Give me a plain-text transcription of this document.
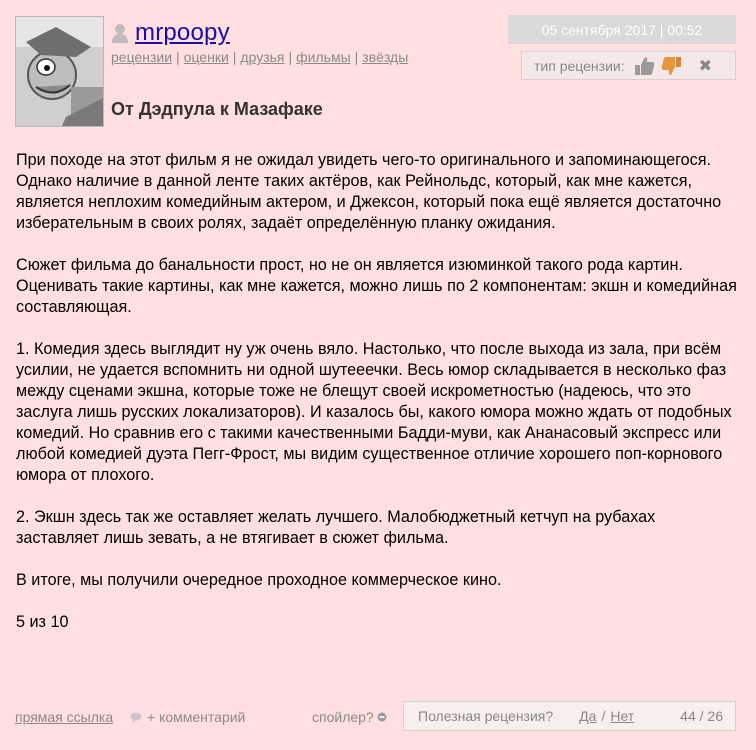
mrpoopy
рецензии | оценки | друзья | фильмы | звёзды
05 сентября 2017 | 00:52
тип рецензии:	✖
От Дэдпула к Мазафаке

При походе на этот фильм я не ожидал увидеть чего-то оригинального и запоминающегося. Однако наличие в данной ленте таких актёров, как Рейнольдс, который, как мне кажется, является неплохим комедийным актером, и Джексон, который пока ещё является достаточно изберательным в своих ролях, задаёт определённую планку ожидания.

Сюжет фильма до банальности прост, но не он является изюминкой такого рода картин. Оценивать такие картины, как мне кажется, можно лишь по 2 компонентам: экшн и комедийная составляющая.

1. Комедия здесь выглядит ну уж очень вяло. Настолько, что после выхода из зала, при всём усилии, не удается вспомнить ни одной шутееечки. Весь юмор складывается в несколько фаз между сценами экшна, которые тоже не блещут своей искрометностью (надеюсь, что это заслуга лишь русских локализаторов). И казалось бы, какого юмора можно ждать от подобных комедий. Но сравнив его с такими качественными Бадди-муви, как Ананасовый экспресс или любой комедией дуэта Пегг-Фрост, мы видим существенное отличие хорошего поп-корнового юмора от плохого.

2. Экшн здесь так же оставляет желать лучшего. Малобюджетный кетчуп на рубахах заставляет лишь зевать, а не втягивает в сюжет фильма.

В итоге, мы получили очередное проходное коммерческое кино.

5 из 10

прямая ссылка + комментарий	спойлер?	Полезная рецензия? Да / Нет	44 / 26
